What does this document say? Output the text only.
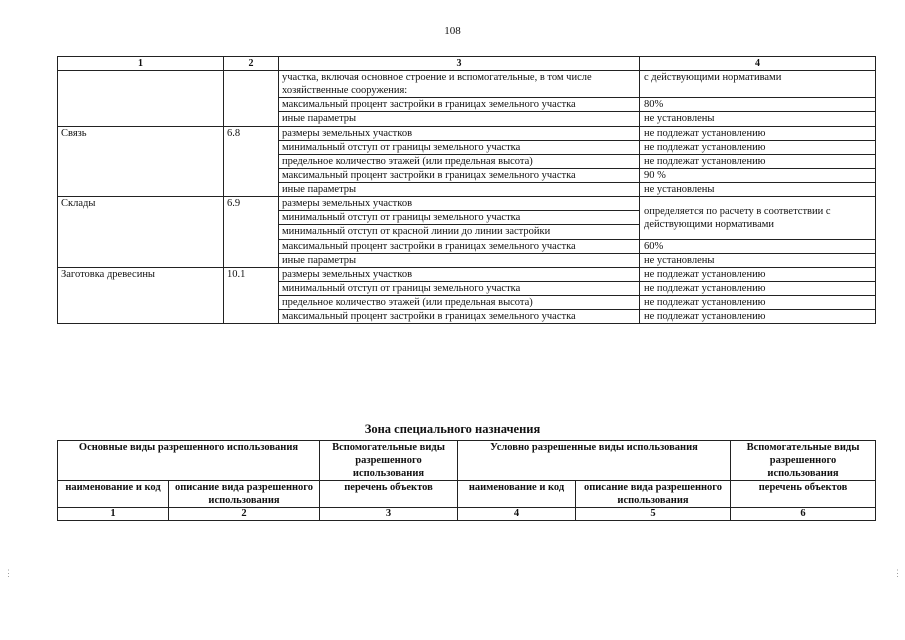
108
1	2	3	4
		участка, включая основное строение и вспомогательные, в том числе хозяйственные сооружения:	с действующими нормативами
		максимальный процент застройки в границах земельного участка	80%
		иные параметры	не установлены
Связь	6.8	размеры земельных участков	не подлежат установлению
		минимальный отступ от границы земельного участка	не подлежат установлению
		предельное количество этажей (или предельная высота)	не подлежат установлению
		максимальный процент застройки в границах земельного участка	90 %
		иные параметры	не установлены
Склады	6.9	размеры земельных участков	определяется по расчету в соответствии с действующими нормативами
		минимальный отступ от границы земельного участка	
		минимальный отступ от красной линии до линии застройки	
		максимальный процент застройки в границах земельного участка	60%
		иные параметры	не установлены
Заготовка древесины	10.1	размеры земельных участков	не подлежат установлению
		минимальный отступ от границы земельного участка	не подлежат установлению
		предельное количество этажей (или предельная высота)	не подлежат установлению
		максимальный процент застройки в границах земельного участка	не подлежат установлению
Зона специального назначения
Основные виды разрешенного использования		Вспомогательные виды разрешенного использования	Условно разрешенные виды использования		Вспомогательные виды разрешенного использования
наименование и код	описание вида разрешенного использования	перечень объектов	наименование и код	описание вида разрешенного использования	перечень объектов
1	2	3	4	5	6
⋮	⋮
